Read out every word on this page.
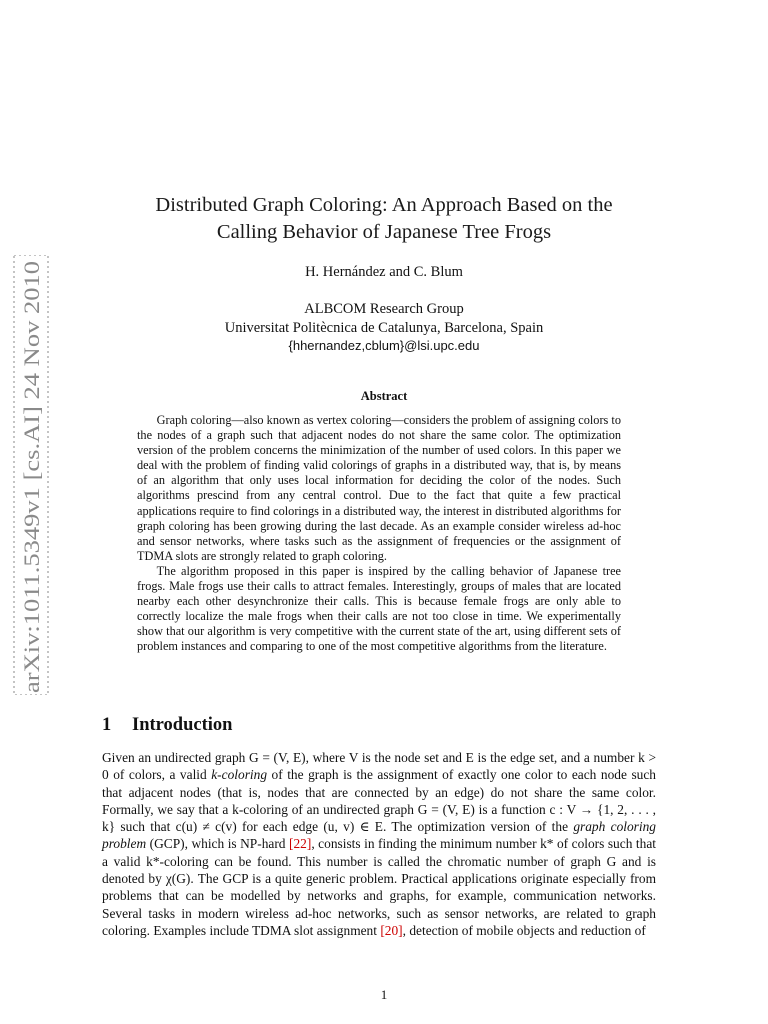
arXiv:1011.5349v1 [cs.AI] 24 Nov 2010
Distributed Graph Coloring: An Approach Based on the
Calling Behavior of Japanese Tree Frogs
H. Hernández and C. Blum
ALBCOM Research Group
Universitat Politècnica de Catalunya, Barcelona, Spain
{hhernandez,cblum}@lsi.upc.edu
Abstract

Graph coloring—also known as vertex coloring—considers the problem of assigning colors to the nodes of a graph such that adjacent nodes do not share the same color. The optimization version of the problem concerns the minimization of the number of used colors. In this paper we deal with the problem of finding valid colorings of graphs in a distributed way, that is, by means of an algorithm that only uses local information for deciding the color of the nodes. Such algorithms prescind from any central control. Due to the fact that quite a few practical applications require to find colorings in a distributed way, the interest in distributed algorithms for graph coloring has been growing during the last decade. As an example consider wireless ad-hoc and sensor networks, where tasks such as the assignment of frequencies or the assignment of TDMA slots are strongly related to graph coloring.

The algorithm proposed in this paper is inspired by the calling behavior of Japanese tree frogs. Male frogs use their calls to attract females. Interestingly, groups of males that are located nearby each other desynchronize their calls. This is because female frogs are only able to correctly localize the male frogs when their calls are not too close in time. We experimentally show that our algorithm is very competitive with the current state of the art, using different sets of problem instances and comparing to one of the most competitive algorithms from the literature.

1 Introduction

Given an undirected graph G = (V, E), where V is the node set and E is the edge set, and a number k > 0 of colors, a valid k-coloring of the graph is the assignment of exactly one color to each node such that adjacent nodes (that is, nodes that are connected by an edge) do not share the same color. Formally, we say that a k-coloring of an undirected graph G = (V, E) is a function c : V → {1, 2, . . . , k} such that c(u) ≠ c(v) for each edge (u, v) ∈ E. The optimization version of the graph coloring problem (GCP), which is NP-hard [22], consists in finding the minimum number k* of colors such that a valid k*-coloring can be found. This number is called the chromatic number of graph G and is denoted by χ(G). The GCP is a quite generic problem. Practical applications originate especially from problems that can be modelled by networks and graphs, for example, communication networks. Several tasks in modern wireless ad-hoc networks, such as sensor networks, are related to graph coloring. Examples include TDMA slot assignment [20], detection of mobile objects and reduction of

1
